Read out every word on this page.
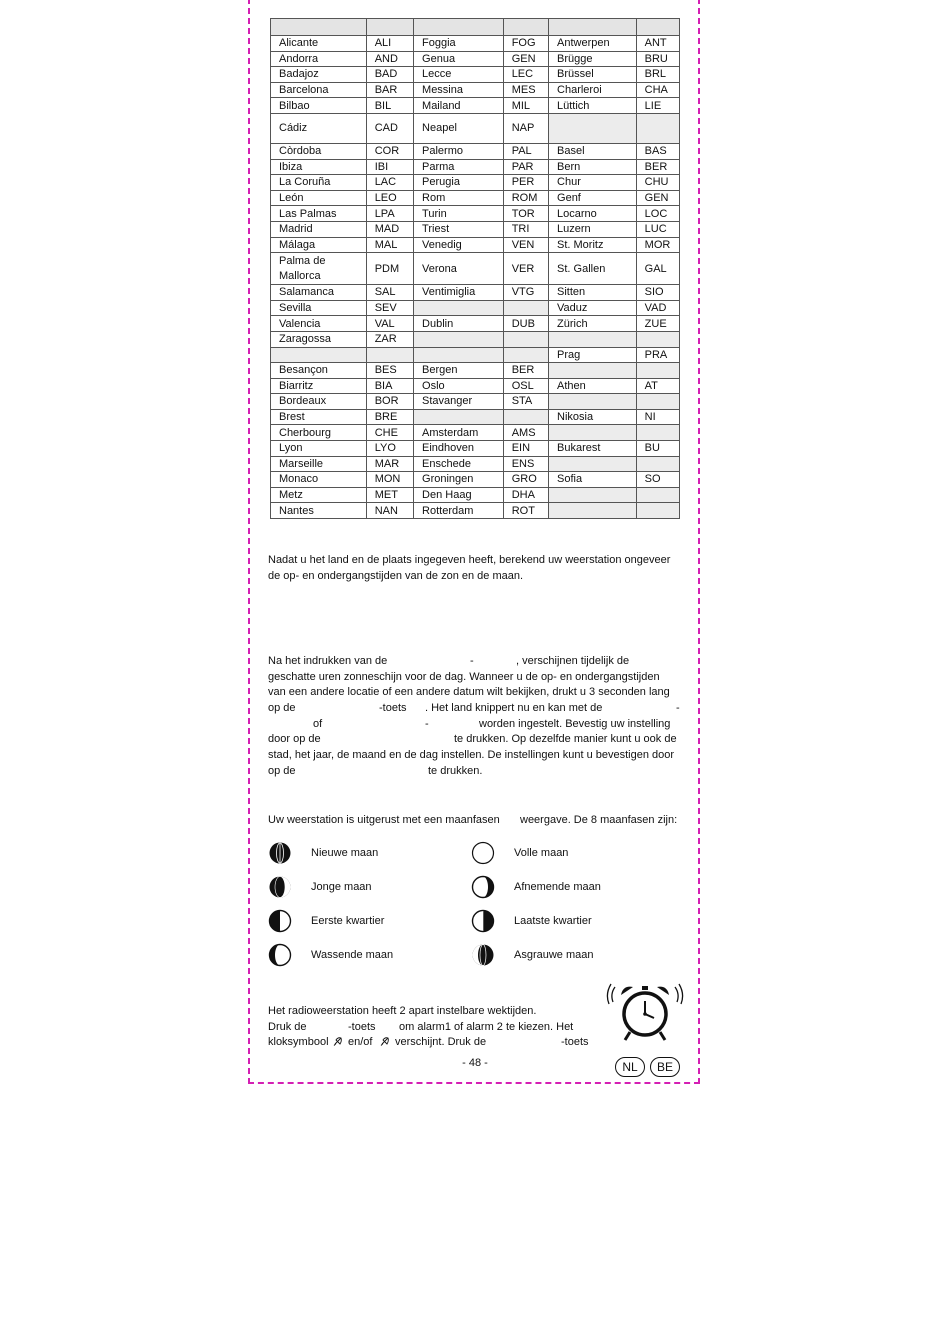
Alicante	ALI	Foggia	FOG	Antwerpen	ANT
Andorra	AND	Genua	GEN	Brügge	BRU
Badajoz	BAD	Lecce	LEC	Brüssel	BRL
Barcelona	BAR	Messina	MES	Charleroi	CHA
Bilbao	BIL	Mailand	MIL	Lüttich	LIE
Cádiz	CAD	Neapel	NAP		
Còrdoba	COR	Palermo	PAL	Basel	BAS
Ibiza	IBI	Parma	PAR	Bern	BER
La Coruña	LAC	Perugia	PER	Chur	CHU
León	LEO	Rom	ROM	Genf	GEN
Las Palmas	LPA	Turin	TOR	Locarno	LOC
Madrid	MAD	Triest	TRI	Luzern	LUC
Málaga	MAL	Venedig	VEN	St. Moritz	MOR
Palma de Mallorca	PDM	Verona	VER	St. Gallen	GAL
Salamanca	SAL	Ventimiglia	VTG	Sitten	SIO
Sevilla	SEV			Vaduz	VAD
Valencia	VAL	Dublin	DUB	Zürich	ZUE
Zaragossa	ZAR				
				Prag	PRA
Besançon	BES	Bergen	BER		
Biarritz	BIA	Oslo	OSL	Athen	AT
Bordeaux	BOR	Stavanger	STA		
Brest	BRE			Nikosia	NI
Cherbourg	CHE	Amsterdam	AMS		
Lyon	LYO	Eindhoven	EIN	Bukarest	BU
Marseille	MAR	Enschede	ENS		
Monaco	MON	Groningen	GRO	Sofia	SO
Metz	MET	Den Haag	DHA		
Nantes	NAN	Rotterdam	ROT		

Nadat u het land en de plaats ingegeven heeft, berekend uw weerstation ongeveer
de op- en ondergangstijden van de zon en de maan.

Na het indrukken van de	-	, verschijnen tijdelijk de
geschatte uren zonneschijn voor de dag. Wanneer u de op- en ondergangstijden
van een andere locatie of een andere datum wilt bekijken, drukt u 3 seconden lang
op de	-toets . Het land knippert nu en kan met de	-
of	-	worden ingestelt. Bevestig uw instelling
door op de	te drukken. Op dezelfde manier kunt u ook de
stad, het jaar, de maand en de dag instellen. De instellingen kunt u bevestigen door
op de	te drukken.
Uw weerstation is uitgerust met een maanfasen weergave. De 8 maanfasen zijn:
Nieuwe maan
Jonge maan
Eerste kwartier
Wassende maan
Volle maan
Afnemende maan
Laatste kwartier
Asgrauwe maan
Het radioweerstation heeft 2 apart instelbare wektijden.
Druk de	-toets om alarm1 of alarm 2 te kiezen. Het
kloksymbool en/of verschijnt. Druk de	-toets
- 48 -	NL	BE
